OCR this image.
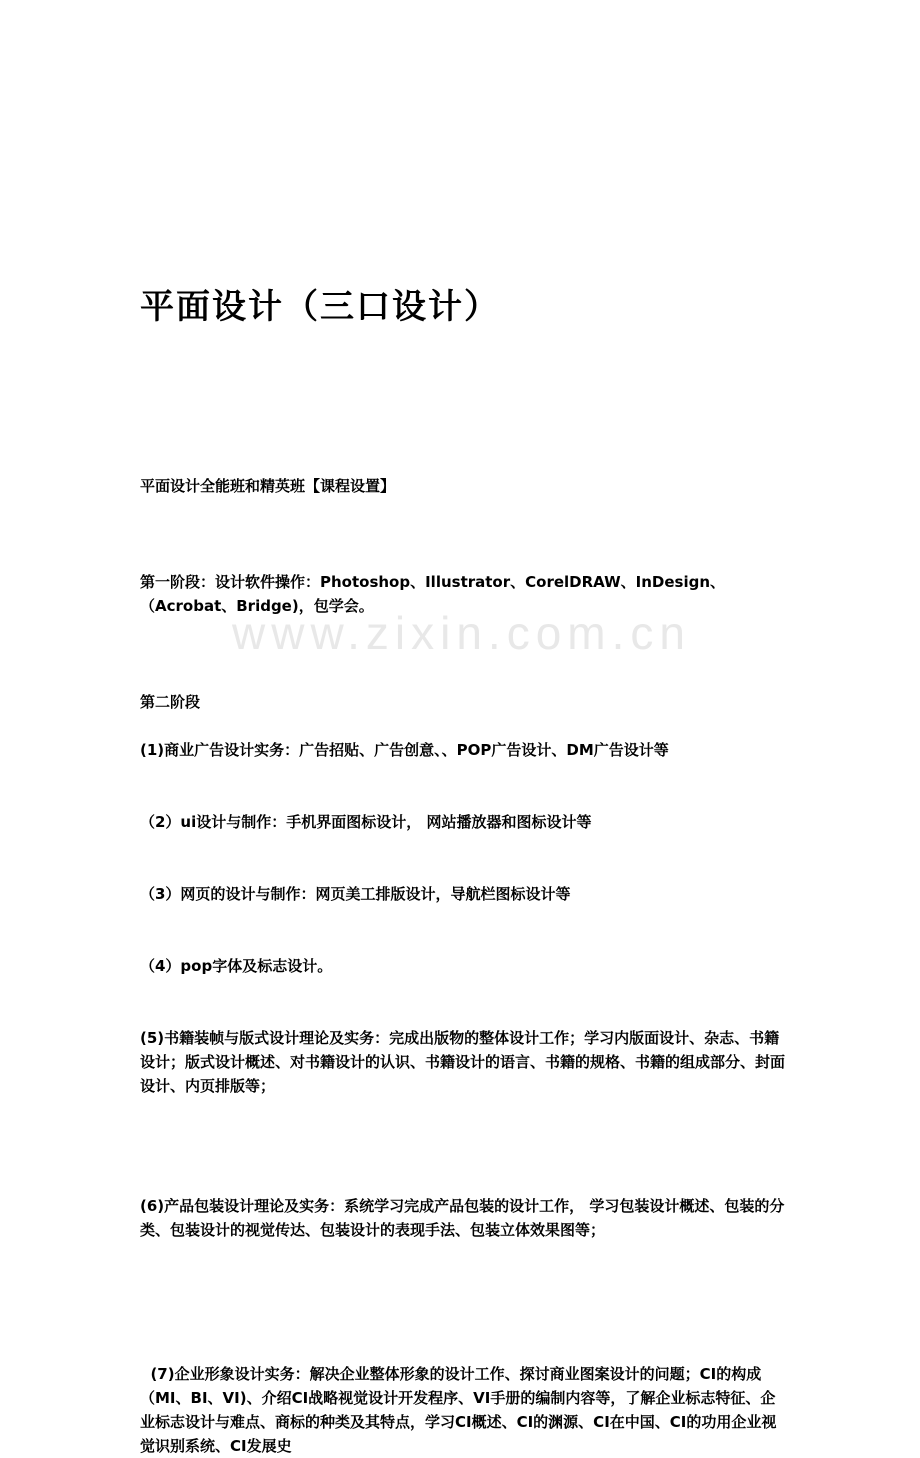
www.zixin.com.cn
平面设计（三口设计）

平面设计全能班和精英班【课程设置】

第一阶段：设计软件操作：Photoshop、Illustrator、CorelDRAW、InDesign、（Acrobat、Bridge)，包学会。

第二阶段

(1)商业广告设计实务：广告招贴、广告创意、、POP广告设计、DM广告设计等

（2）ui设计与制作：手机界面图标设计， 网站播放器和图标设计等

（3）网页的设计与制作：网页美工排版设计，导航栏图标设计等

（4）pop字体及标志设计。

(5)书籍装帧与版式设计理论及实务：完成出版物的整体设计工作；学习内版面设计、杂志、书籍设计；版式设计概述、对书籍设计的认识、书籍设计的语言、书籍的规格、书籍的组成部分、封面设计、内页排版等；

(6)产品包装设计理论及实务：系统学习完成产品包装的设计工作， 学习包装设计概述、包装的分类、包装设计的视觉传达、包装设计的表现手法、包装立体效果图等；

(7)企业形象设计实务：解决企业整体形象的设计工作、探讨商业图案设计的问题；CI的构成（MI、BI、VI)、介绍CI战略视觉设计开发程序、VI手册的编制内容等，了解企业标志特征、企业标志设计与难点、商标的种类及其特点，学习CI概述、CI的渊源、CI在中国、CI的功用企业视觉识别系统、CI发展史
